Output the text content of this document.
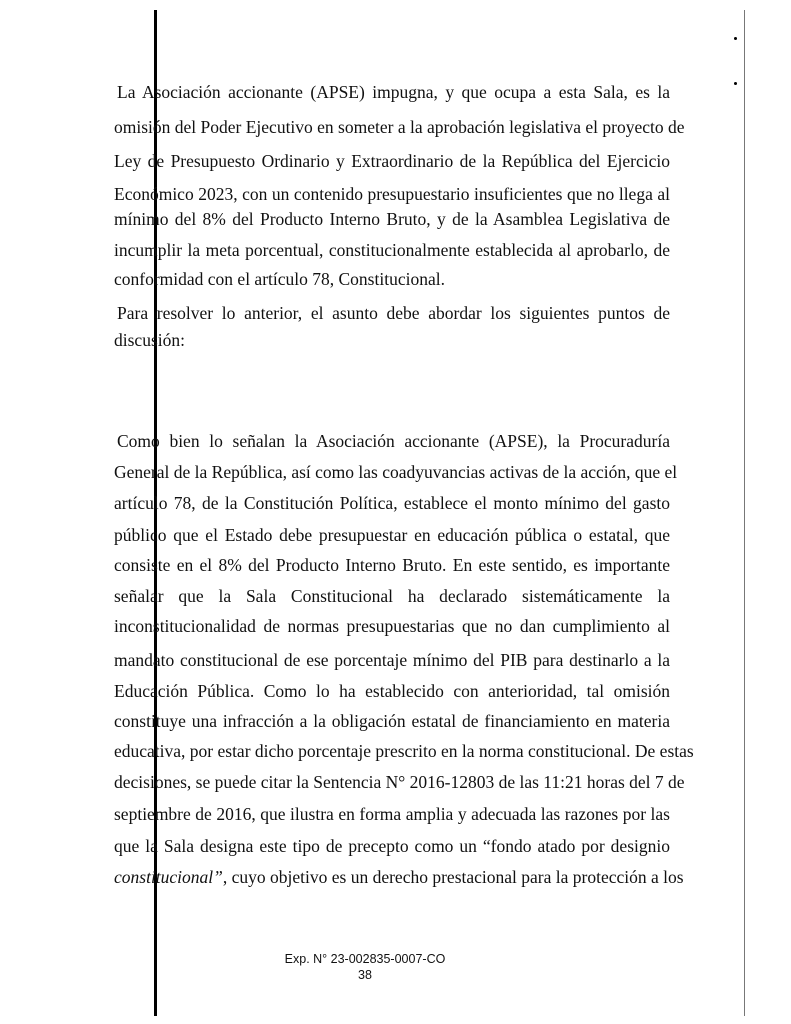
La Asociación accionante (APSE) impugna, y que ocupa a esta Sala, es la
omisión del Poder Ejecutivo en someter a la aprobación legislativa el proyecto de
Ley de Presupuesto Ordinario y Extraordinario de la República del Ejercicio
Económico 2023, con un contenido presupuestario insuficientes que no llega al
mínimo del 8% del Producto Interno Bruto, y de la Asamblea Legislativa de
incumplir la meta porcentual, constitucionalmente establecida al aprobarlo, de
conformidad con el artículo 78, Constitucional.
Para resolver lo anterior, el asunto debe abordar los siguientes puntos de
discusión:
Como bien lo señalan la Asociación accionante (APSE), la Procuraduría
General de la República, así como las coadyuvancias activas de la acción, que el
artículo 78, de la Constitución Política, establece el monto mínimo del gasto
público que el Estado debe presupuestar en educación pública o estatal, que
consiste en el 8% del Producto Interno Bruto. En este sentido, es importante
señalar que la Sala Constitucional ha declarado sistemáticamente la
inconstitucionalidad de normas presupuestarias que no dan cumplimiento al
mandato constitucional de ese porcentaje mínimo del PIB para destinarlo a la
Educación Pública. Como lo ha establecido con anterioridad, tal omisión
constituye una infracción a la obligación estatal de financiamiento en materia
educativa, por estar dicho porcentaje prescrito en la norma constitucional. De estas
decisiones, se puede citar la Sentencia N° 2016-12803 de las 11:21 horas del 7 de
septiembre de 2016, que ilustra en forma amplia y adecuada las razones por las
que la Sala designa este tipo de precepto como un “fondo atado por designio
constitucional”, cuyo objetivo es un derecho prestacional para la protección a los
Exp. N° 23-002835-0007-CO
38
